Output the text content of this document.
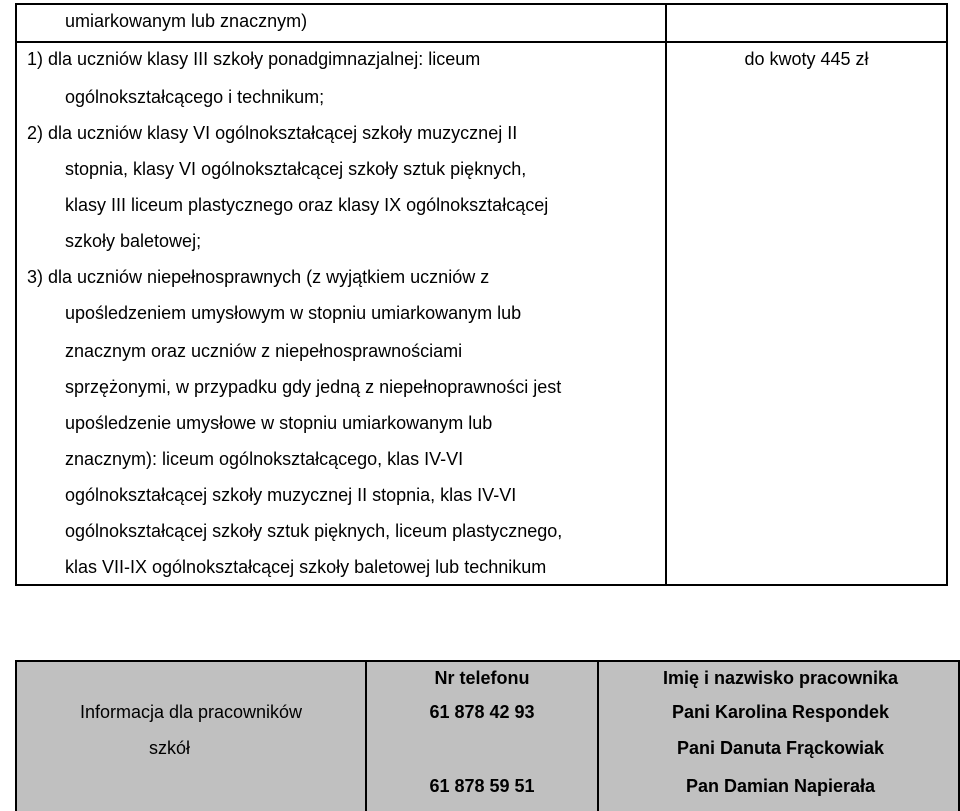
umiarkowanym lub znacznym)
1) dla uczniów klasy III szkoły ponadgimnazjalnej: liceum
ogólnokształcącego i technikum;
2) dla uczniów klasy VI ogólnokształcącej szkoły muzycznej II
stopnia, klasy VI ogólnokształcącej szkoły sztuk pięknych,
klasy III liceum plastycznego oraz klasy IX ogólnokształcącej
szkoły baletowej;
3) dla uczniów niepełnosprawnych (z wyjątkiem uczniów z
upośledzeniem umysłowym w stopniu umiarkowanym lub
znacznym oraz uczniów z niepełnosprawnościami
sprzężonymi, w przypadku gdy jedną z niepełnoprawności jest
upośledzenie umysłowe w stopniu umiarkowanym lub
znacznym): liceum ogólnokształcącego, klas IV-VI
ogólnokształcącej szkoły muzycznej II stopnia, klas IV-VI
ogólnokształcącej szkoły sztuk pięknych, liceum plastycznego,
klas VII-IX ogólnokształcącej szkoły baletowej lub technikum
do kwoty 445 zł
Informacja dla pracowników
szkół
Nr telefonu
61 878 42 93
61 878 59 51
Imię i nazwisko pracownika
Pani Karolina Respondek
Pani Danuta Frąckowiak
Pan Damian Napierała
